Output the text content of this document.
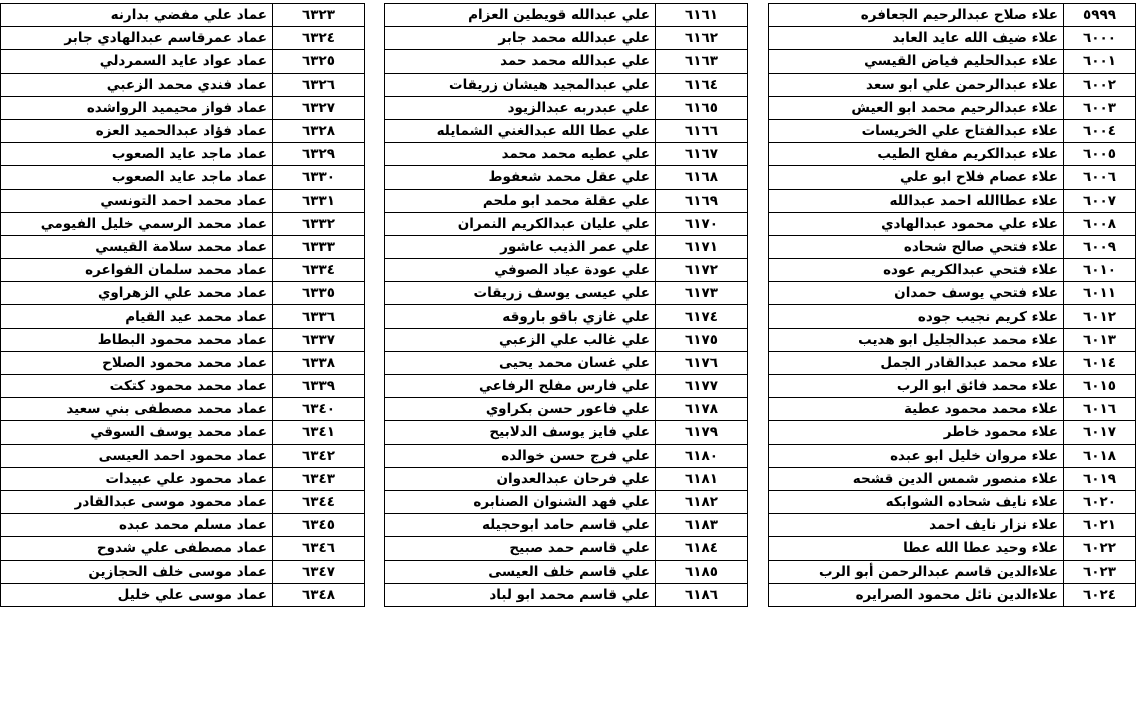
٥٩٩٩	علاء صلاح عبدالرحيم الجعافره
٦٠٠٠	علاء ضيف الله عايد العابد
٦٠٠١	علاء عبدالحليم فياض القيسي
٦٠٠٢	علاء عبدالرحمن علي ابو سعد
٦٠٠٣	علاء عبدالرحيم محمد ابو العيش
٦٠٠٤	علاء عبدالفتاح علي الخريسات
٦٠٠٥	علاء عبدالكريم مفلح الطيب
٦٠٠٦	علاء عصام فلاح ابو علي
٦٠٠٧	علاء عطاالله احمد عبدالله
٦٠٠٨	علاء علي محمود عبدالهادي
٦٠٠٩	علاء فتحي صالح شحاده
٦٠١٠	علاء فتحي عبدالكريم عوده
٦٠١١	علاء فتحي يوسف حمدان
٦٠١٢	علاء كريم نجيب جوده
٦٠١٣	علاء محمد عبدالجليل ابو هديب
٦٠١٤	علاء محمد عبدالقادر الجمل
٦٠١٥	علاء محمد فائق ابو الرب
٦٠١٦	علاء محمد محمود عطية
٦٠١٧	علاء محمود خاطر
٦٠١٨	علاء مروان خليل ابو عبده
٦٠١٩	علاء منصور شمس الدين قشحه
٦٠٢٠	علاء نايف شحاده الشوابكه
٦٠٢١	علاء نزار نايف احمد
٦٠٢٢	علاء وحيد عطا الله عطا
٦٠٢٣	علاءالدين قاسم عبدالرحمن أبو الرب
٦٠٢٤	علاءالدين نائل محمود الصرايره
٦١٦١	علي عبدالله قويطين العزام
٦١٦٢	علي عبدالله محمد جابر
٦١٦٣	علي عبدالله محمد حمد
٦١٦٤	علي عبدالمجيد هيشان زريقات
٦١٦٥	علي عبدربه عبدالزيود
٦١٦٦	علي عطا الله عبدالغني الشمايله
٦١٦٧	علي عطيه محمد محمد
٦١٦٨	علي عقل محمد شعفوط
٦١٦٩	علي عقلة محمد ابو ملحم
٦١٧٠	علي عليان عبدالكريم النمران
٦١٧١	علي عمر الذيب عاشور
٦١٧٢	علي عودة عياد الصوفي
٦١٧٣	علي عيسى يوسف زريقات
٦١٧٤	علي غازي باقو باروقه
٦١٧٥	علي غالب علي الزعبي
٦١٧٦	علي غسان محمد يحيى
٦١٧٧	علي فارس مفلح الرفاعي
٦١٧٨	علي فاعور حسن بكراوي
٦١٧٩	علي فايز يوسف الدلابيح
٦١٨٠	علي فرج حسن خوالده
٦١٨١	علي فرحان عبدالعدوان
٦١٨٢	علي فهد الشنوان الصنابره
٦١٨٣	علي قاسم حامد ابوحجيله
٦١٨٤	علي قاسم حمد صبيح
٦١٨٥	علي قاسم خلف العيسى
٦١٨٦	علي قاسم محمد ابو لباد
٦٣٢٣	عماد علي مفضي بدارنه
٦٣٢٤	عماد عمرقاسم عبدالهادي جابر
٦٣٢٥	عماد عواد عايد السمردلي
٦٣٢٦	عماد فندي محمد الزعبي
٦٣٢٧	عماد فواز محيميد الرواشده
٦٣٢٨	عماد فؤاد عبدالحميد العزه
٦٣٢٩	عماد ماجد عايد الصعوب
٦٣٣٠	عماد ماجد عايد الصعوب
٦٣٣١	عماد محمد احمد التونسي
٦٣٣٢	عماد محمد الرسمي خليل الفيومي
٦٣٣٣	عماد محمد سلامة القيسي
٦٣٣٤	عماد محمد سلمان الفواعره
٦٣٣٥	عماد محمد علي الزهراوي
٦٣٣٦	عماد محمد عيد القيام
٦٣٣٧	عماد محمد محمود البطاط
٦٣٣٨	عماد محمد محمود الصلاح
٦٣٣٩	عماد محمد محمود كتكت
٦٣٤٠	عماد محمد مصطفى بني سعيد
٦٣٤١	عماد محمد يوسف السوقي
٦٣٤٢	عماد محمود احمد العيسى
٦٣٤٣	عماد محمود علي عبيدات
٦٣٤٤	عماد محمود موسى عبدالقادر
٦٣٤٥	عماد مسلم محمد عبده
٦٣٤٦	عماد مصطفى علي شدوح
٦٣٤٧	عماد موسى خلف الحجازين
٦٣٤٨	عماد موسى علي خليل
